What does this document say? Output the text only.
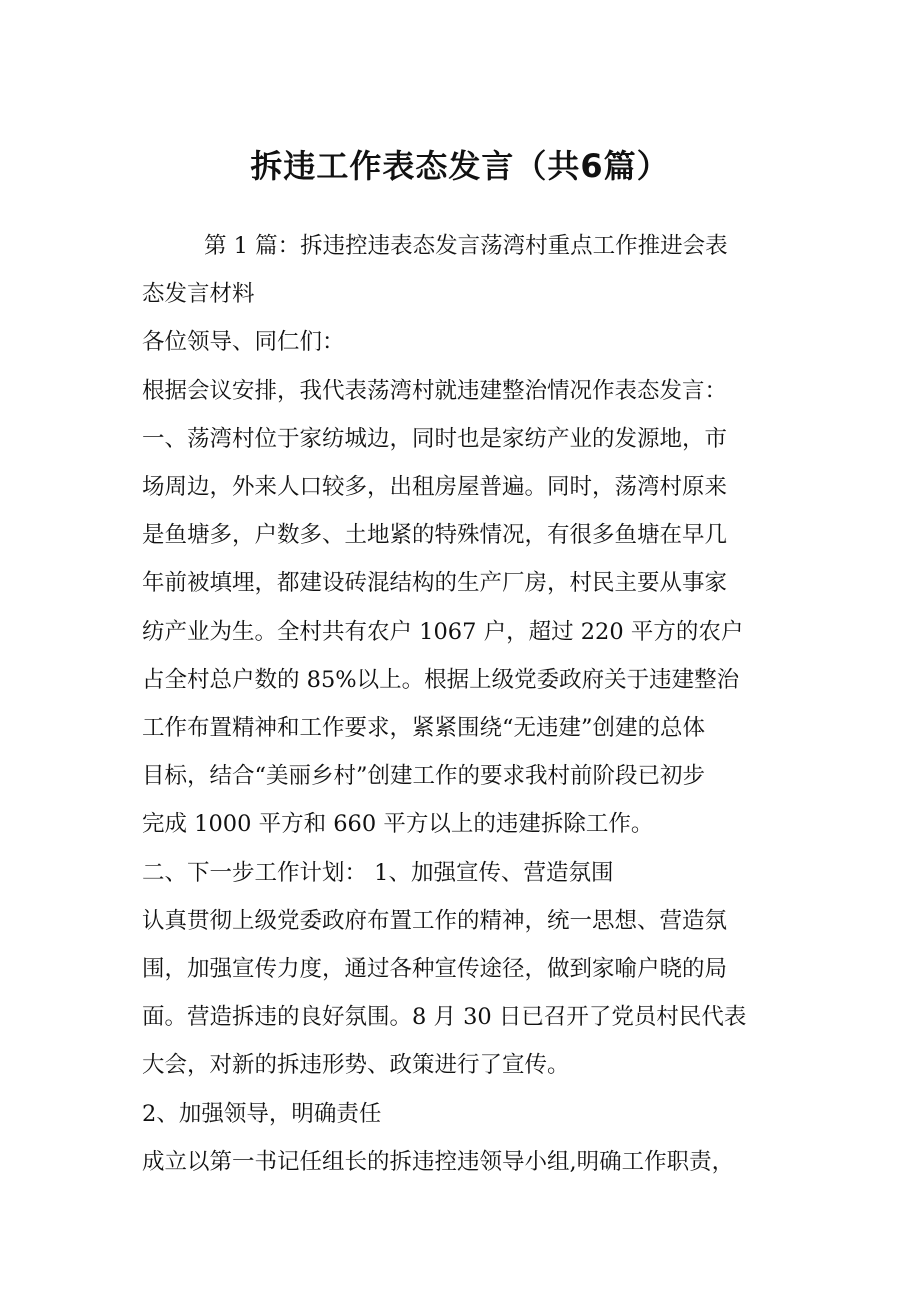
拆违工作表态发言（共6篇）

第 1 篇：拆违控违表态发言荡湾村重点工作推进会表

态发言材料

各位领导、同仁们：

根据会议安排，我代表荡湾村就违建整治情况作表态发言：

一、荡湾村位于家纺城边，同时也是家纺产业的发源地，市

场周边，外来人口较多，出租房屋普遍。同时，荡湾村原来

是鱼塘多，户数多、土地紧的特殊情况，有很多鱼塘在早几

年前被填埋，都建设砖混结构的生产厂房，村民主要从事家

纺产业为生。全村共有农户 1067 户，超过 220 平方的农户

占全村总户数的 85%以上。根据上级党委政府关于违建整治

工作布置精神和工作要求，紧紧围绕“无违建”创建的总体

目标，结合“美丽乡村”创建工作的要求我村前阶段已初步

完成 1000 平方和 660 平方以上的违建拆除工作。

二、下一步工作计划： 1、加强宣传、营造氛围

认真贯彻上级党委政府布置工作的精神，统一思想、营造氛

围，加强宣传力度，通过各种宣传途径，做到家喻户晓的局

面。营造拆违的良好氛围。8 月 30 日已召开了党员村民代表

大会，对新的拆违形势、政策进行了宣传。

2、加强领导，明确责任

成立以第一书记任组长的拆违控违领导小组,明确工作职责，
